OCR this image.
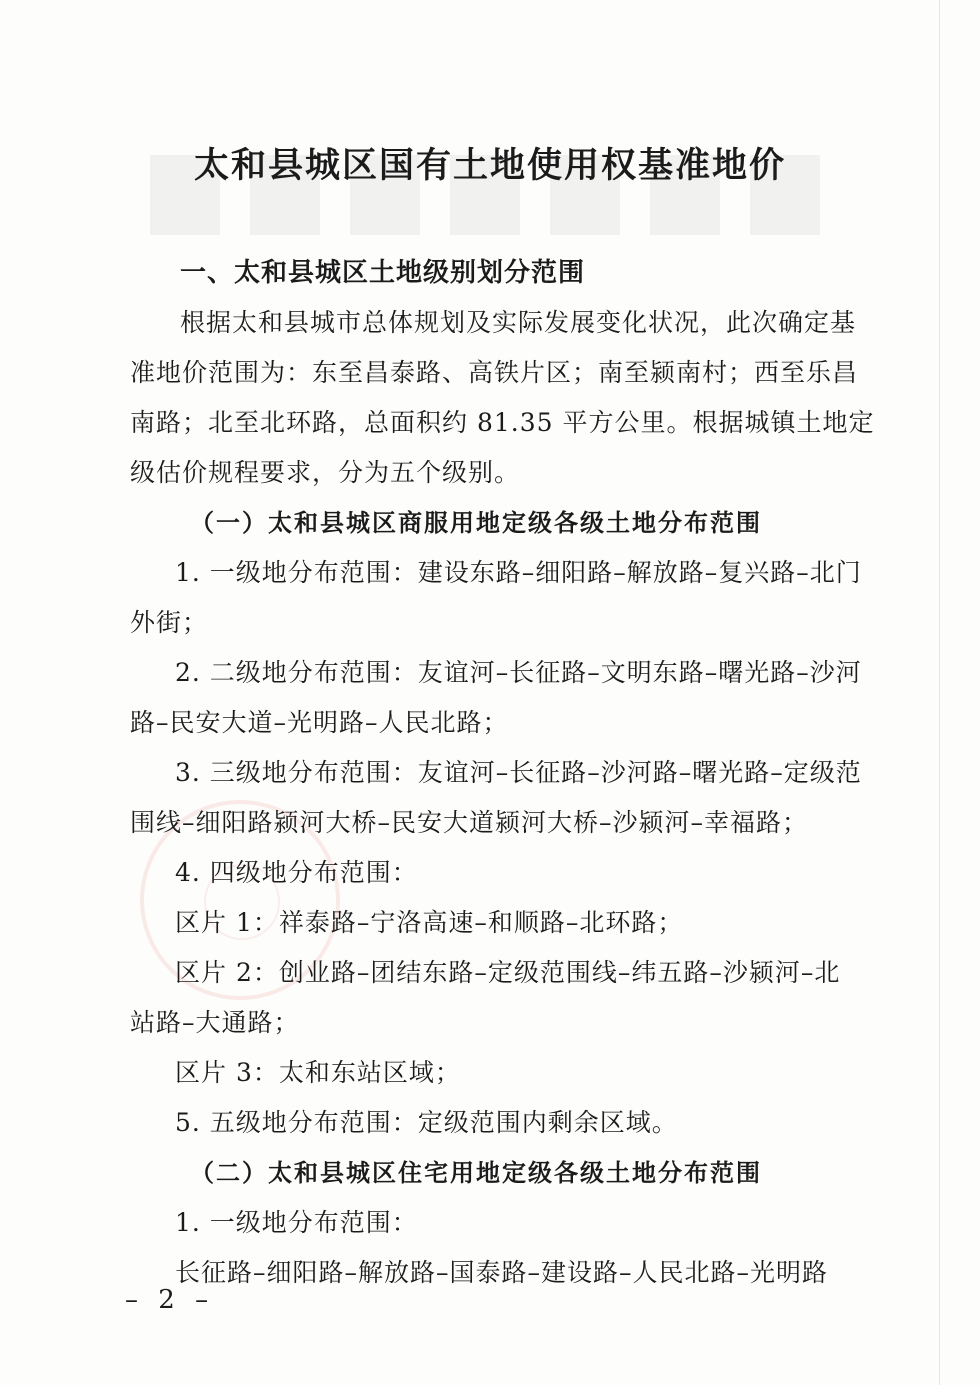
太和县城区国有土地使用权基准地价
一、太和县城区土地级别划分范围
根据太和县城市总体规划及实际发展变化状况，此次确定基
准地价范围为：东至昌泰路、高铁片区；南至颍南村；西至乐昌
南路；北至北环路，总面积约 81.35 平方公里。根据城镇土地定
级估价规程要求，分为五个级别。
（一）太和县城区商服用地定级各级土地分布范围
1. 一级地分布范围：建设东路–细阳路–解放路–复兴路–北门
外街；
2. 二级地分布范围：友谊河–长征路–文明东路–曙光路–沙河
路–民安大道–光明路–人民北路；
3. 三级地分布范围：友谊河–长征路–沙河路–曙光路–定级范
围线–细阳路颍河大桥–民安大道颍河大桥–沙颍河–幸福路；
4. 四级地分布范围：
区片 1：祥泰路–宁洛高速–和顺路–北环路；
区片 2：创业路–团结东路–定级范围线–纬五路–沙颍河–北
站路–大通路；
区片 3：太和东站区域；
5. 五级地分布范围：定级范围内剩余区域。
（二）太和县城区住宅用地定级各级土地分布范围
1. 一级地分布范围：
长征路–细阳路–解放路–国泰路–建设路–人民北路–光明路
– 2 –
